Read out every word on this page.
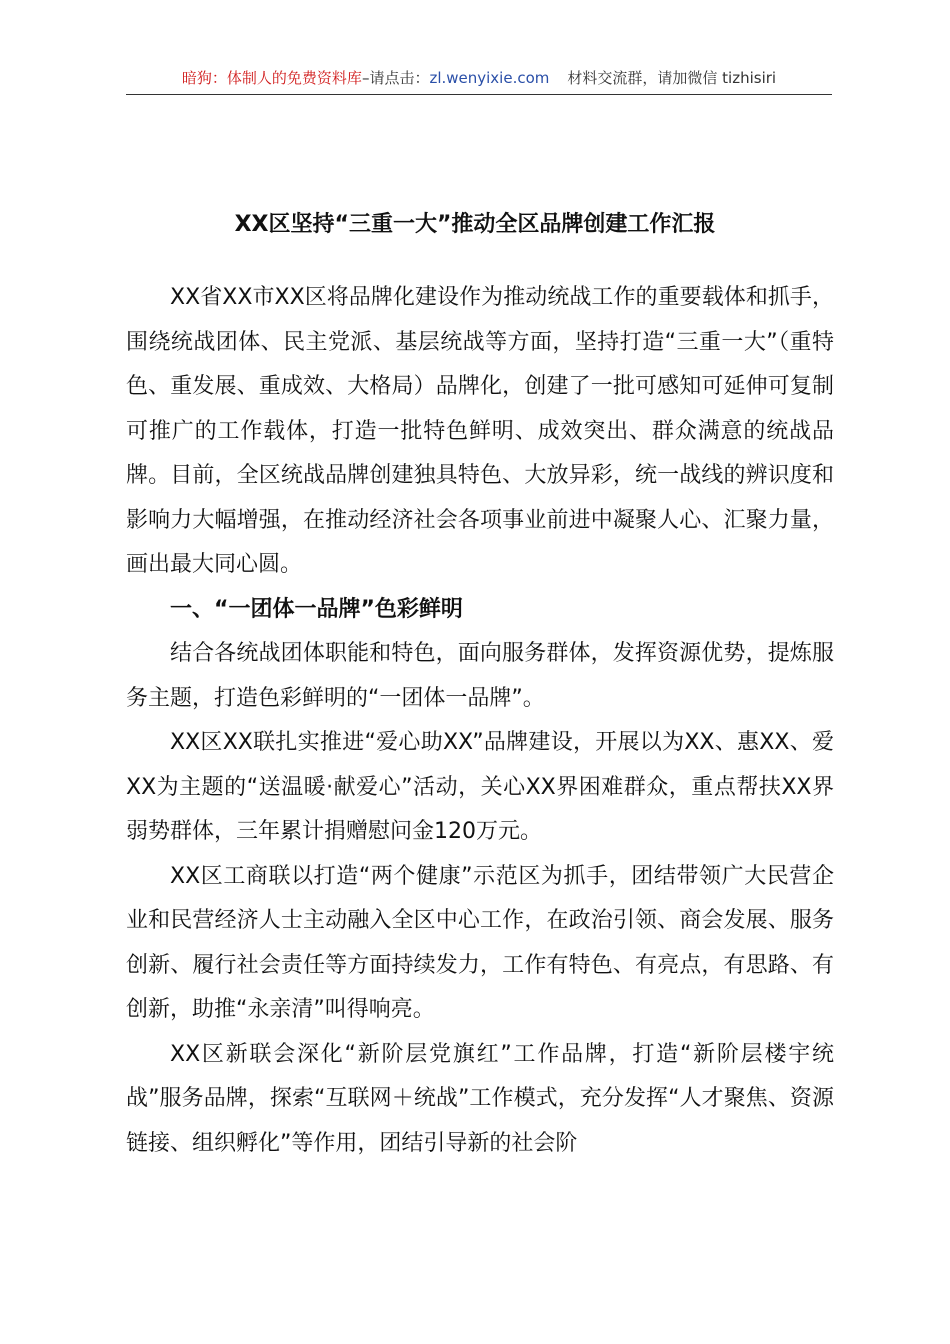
暗狗：体制人的免费资料库–请点击：zl.wenyixie.com 材料交流群，请加微信 tizhisiri
XX区坚持“三重一大”推动全区品牌创建工作汇报

XX省XX市XX区将品牌化建设作为推动统战工作的重要载体和抓手，围绕统战团体、民主党派、基层统战等方面，坚持打造“三重一大”（重特色、重发展、重成效、大格局）品牌化，创建了一批可感知可延伸可复制可推广的工作载体，打造一批特色鲜明、成效突出、群众满意的统战品牌。目前，全区统战品牌创建独具特色、大放异彩，统一战线的辨识度和影响力大幅增强，在推动经济社会各项事业前进中凝聚人心、汇聚力量，画出最大同心圆。

一、“一团体一品牌”色彩鲜明

结合各统战团体职能和特色，面向服务群体，发挥资源优势，提炼服务主题，打造色彩鲜明的“一团体一品牌”。

XX区XX联扎实推进“爱心助XX”品牌建设，开展以为XX、惠XX、爱XX为主题的“送温暖·献爱心”活动，关心XX界困难群众，重点帮扶XX界弱势群体，三年累计捐赠慰问金120万元。

XX区工商联以打造“两个健康”示范区为抓手，团结带领广大民营企业和民营经济人士主动融入全区中心工作，在政治引领、商会发展、服务创新、履行社会责任等方面持续发力，工作有特色、有亮点，有思路、有创新，助推“永亲清”叫得响亮。

XX区新联会深化“新阶层党旗红”工作品牌，打造“新阶层楼宇统战”服务品牌，探索“互联网＋统战”工作模式，充分发挥“人才聚焦、资源链接、组织孵化”等作用，团结引导新的社会阶
